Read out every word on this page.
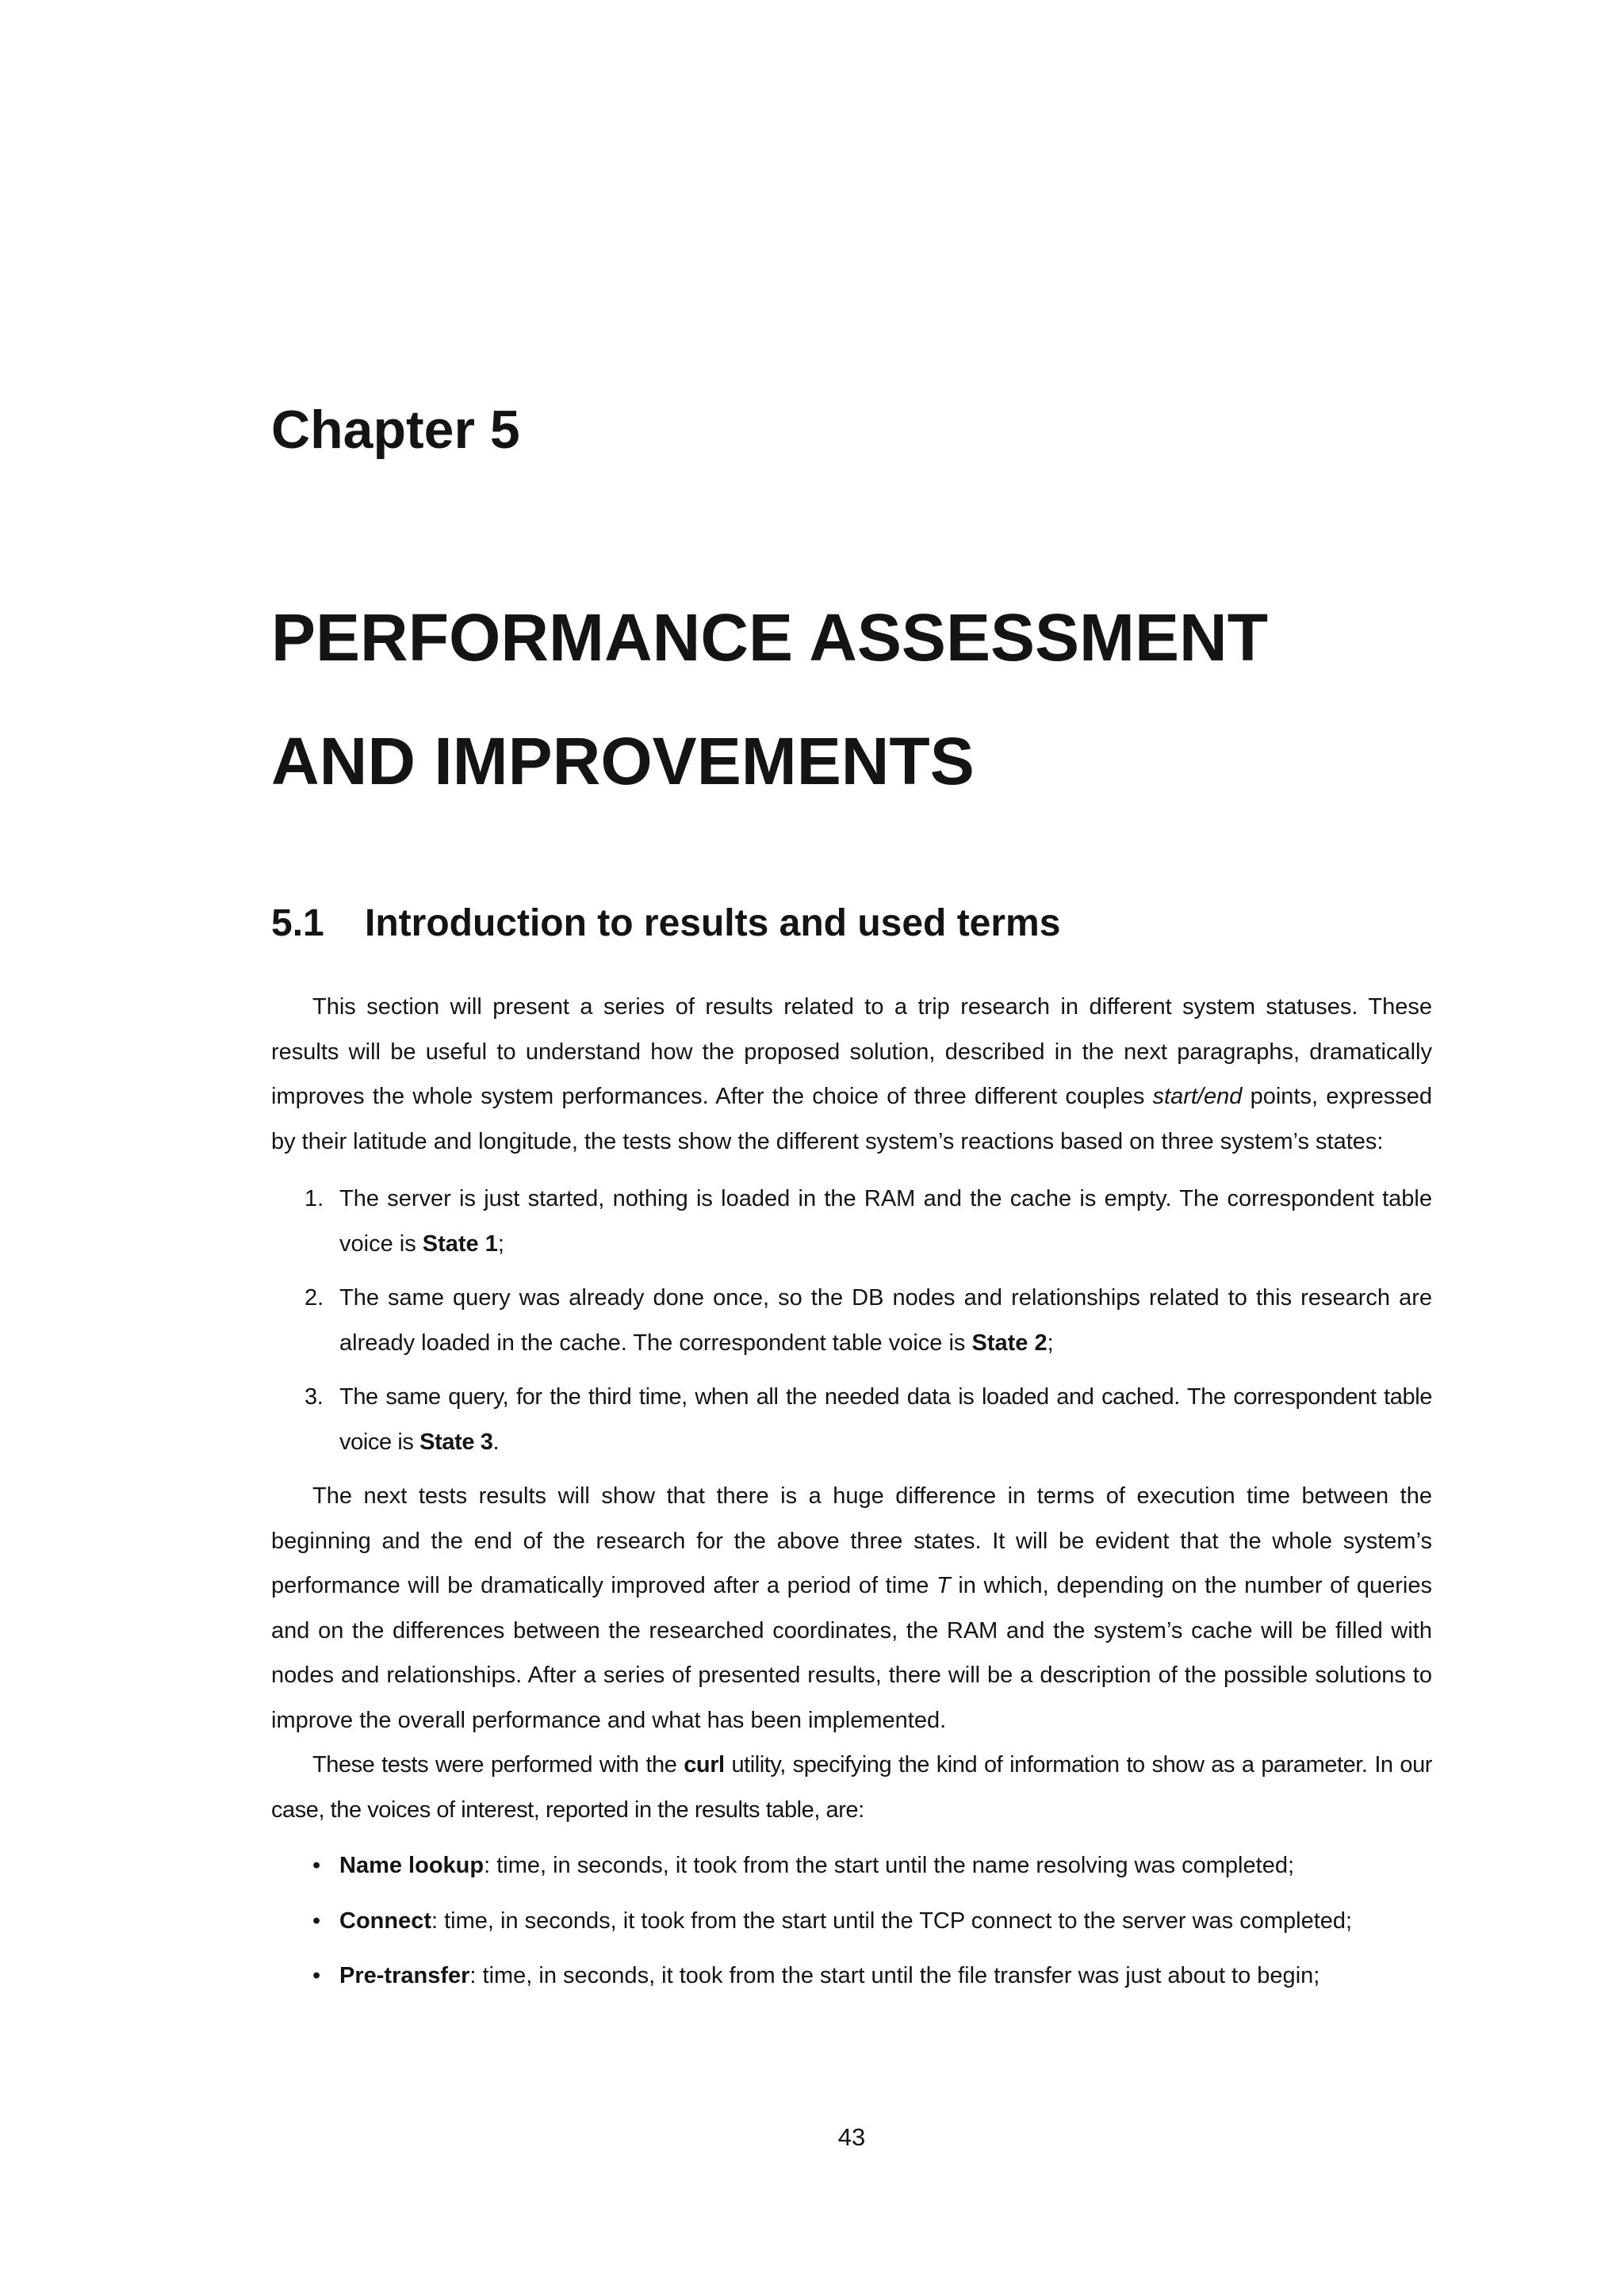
Chapter 5
PERFORMANCE ASSESSMENT
AND IMPROVEMENTS
5.1 Introduction to results and used terms

This section will present a series of results related to a trip research in different system statuses. These results will be useful to understand how the proposed solution, described in the next paragraphs, dramatically improves the whole system performances. After the choice of three different couples start/end points, expressed by their latitude and longitude, the tests show the different system’s reactions based on three system’s states:

1. The server is just started, nothing is loaded in the RAM and the cache is empty. The correspondent table voice is State 1;
2. The same query was already done once, so the DB nodes and relationships related to this research are already loaded in the cache. The correspondent table voice is State 2;
3. The same query, for the third time, when all the needed data is loaded and cached. The correspondent table voice is State 3.

The next tests results will show that there is a huge difference in terms of execution time between the beginning and the end of the research for the above three states. It will be evident that the whole system’s performance will be dramatically improved after a period of time T in which, depending on the number of queries and on the differences between the researched coordinates, the RAM and the system’s cache will be filled with nodes and relationships. After a series of presented results, there will be a description of the possible solutions to improve the overall performance and what has been implemented.

These tests were performed with the curl utility, specifying the kind of information to show as a parameter. In our case, the voices of interest, reported in the results table, are:

• Name lookup: time, in seconds, it took from the start until the name resolving was completed;
• Connect: time, in seconds, it took from the start until the TCP connect to the server was completed;
• Pre-transfer: time, in seconds, it took from the start until the file transfer was just about to begin;
43
